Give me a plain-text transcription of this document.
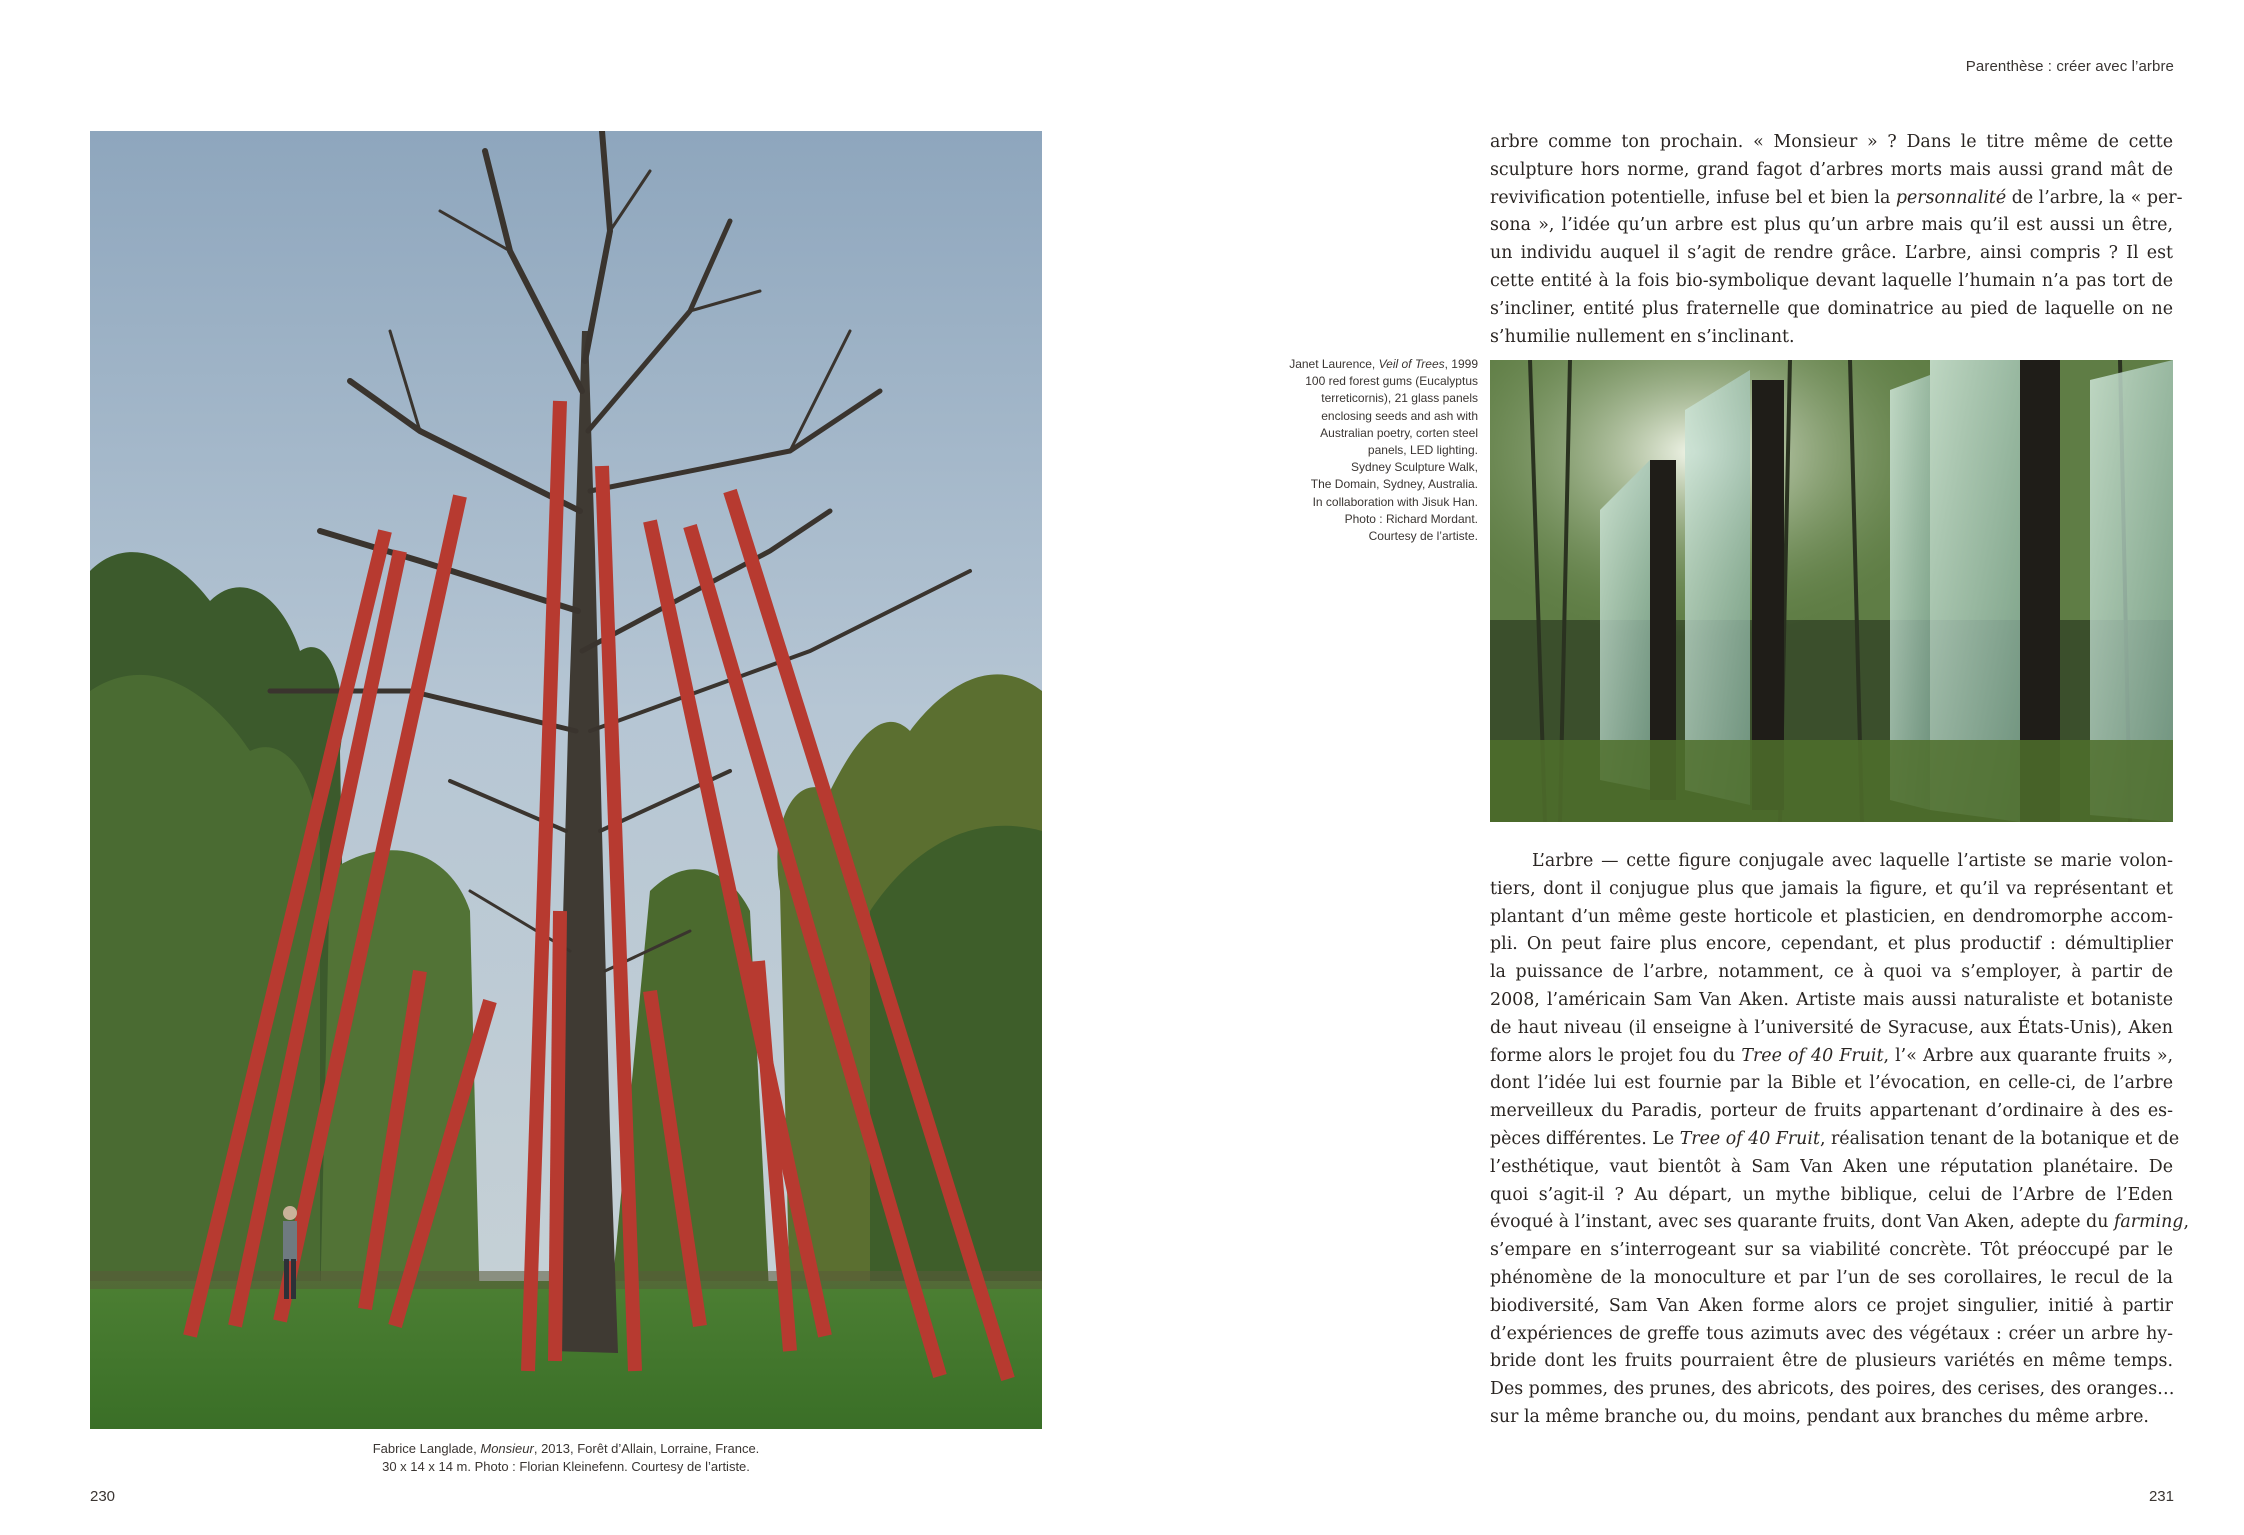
Parenthèse : créer avec l’arbre
Fabrice Langlade, Monsieur, 2013, Forêt d’Allain, Lorraine, France.
30 x 14 x 14 m. Photo : Florian Kleinefenn. Courtesy de l’artiste.
Janet Laurence, Veil of Trees, 1999
100 red forest gums (Eucalyptus
terreticornis), 21 glass panels
enclosing seeds and ash with
Australian poetry, corten steel
panels, LED lighting.
Sydney Sculpture Walk,
The Domain, Sydney, Australia.
In collaboration with Jisuk Han.
Photo : Richard Mordant.
Courtesy de l’artiste.
arbre comme ton prochain. « Monsieur » ? Dans le titre même de cette
sculpture hors norme, grand fagot d’arbres morts mais aussi grand mât de
revivification potentielle, infuse bel et bien la personnalité de l’arbre, la « per-
sona », l’idée qu’un arbre est plus qu’un arbre mais qu’il est aussi un être,
un individu auquel il s’agit de rendre grâce. L’arbre, ainsi compris ? Il est
cette entité à la fois bio-symbolique devant laquelle l’humain n’a pas tort de
s’incliner, entité plus fraternelle que dominatrice au pied de laquelle on ne
s’humilie nullement en s’inclinant.
L’arbre — cette figure conjugale avec laquelle l’artiste se marie volon-
tiers, dont il conjugue plus que jamais la figure, et qu’il va représentant et
plantant d’un même geste horticole et plasticien, en dendromorphe accom-
pli. On peut faire plus encore, cependant, et plus productif : démultiplier
la puissance de l’arbre, notamment, ce à quoi va s’employer, à partir de
2008, l’américain Sam Van Aken. Artiste mais aussi naturaliste et botaniste
de haut niveau (il enseigne à l’université de Syracuse, aux États-Unis), Aken
forme alors le projet fou du Tree of 40 Fruit, l’« Arbre aux quarante fruits »,
dont l’idée lui est fournie par la Bible et l’évocation, en celle-ci, de l’arbre
merveilleux du Paradis, porteur de fruits appartenant d’ordinaire à des es-
pèces différentes. Le Tree of 40 Fruit, réalisation tenant de la botanique et de
l’esthétique, vaut bientôt à Sam Van Aken une réputation planétaire. De
quoi s’agit-il ? Au départ, un mythe biblique, celui de l’Arbre de l’Eden
évoqué à l’instant, avec ses quarante fruits, dont Van Aken, adepte du farming,
s’empare en s’interrogeant sur sa viabilité concrète. Tôt préoccupé par le
phénomène de la monoculture et par l’un de ses corollaires, le recul de la
biodiversité, Sam Van Aken forme alors ce projet singulier, initié à partir
d’expériences de greffe tous azimuts avec des végétaux : créer un arbre hy-
bride dont les fruits pourraient être de plusieurs variétés en même temps.
Des pommes, des prunes, des abricots, des poires, des cerises, des oranges…
sur la même branche ou, du moins, pendant aux branches du même arbre.
230	231
